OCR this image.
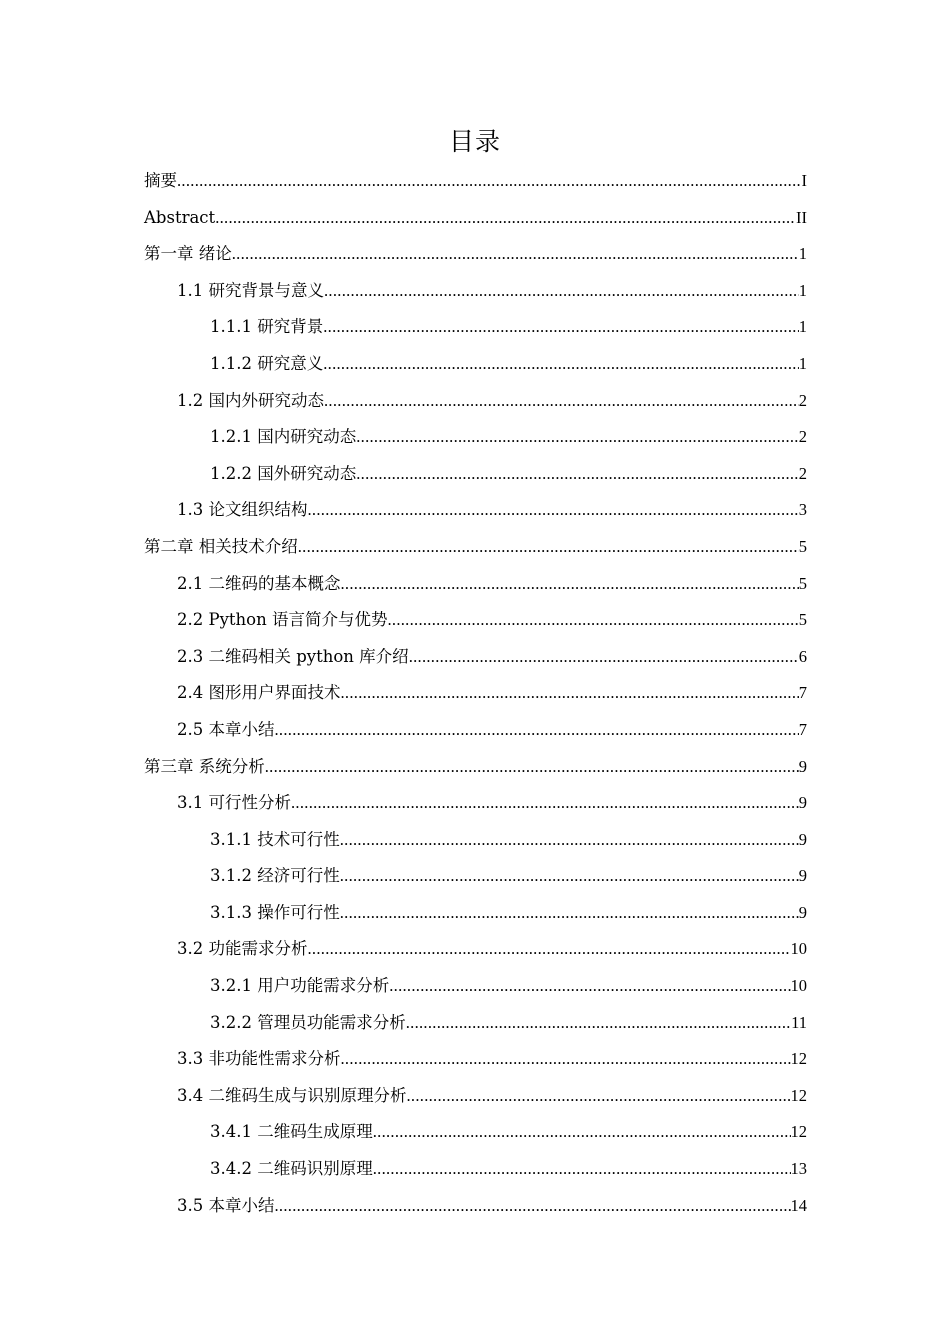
目录
摘要 .....	I
Abstract .....	II
第一章 绪论 .....	1
1.1 研究背景与意义 .....	1
1.1.1 研究背景 .....	1
1.1.2 研究意义 .....	1
1.2 国内外研究动态 .....	2
1.2.1 国内研究动态 .....	2
1.2.2 国外研究动态 .....	2
1.3 论文组织结构 .....	3
第二章 相关技术介绍 .....	5
2.1 二维码的基本概念 .....	5
2.2 Python 语言简介与优势 .....	5
2.3 二维码相关 python 库介绍 .....	6
2.4 图形用户界面技术 .....	7
2.5 本章小结 .....	7
第三章 系统分析 .....	9
3.1 可行性分析 .....	9
3.1.1 技术可行性 .....	9
3.1.2 经济可行性 .....	9
3.1.3 操作可行性 .....	9
3.2 功能需求分析 .....	10
3.2.1 用户功能需求分析 .....	10
3.2.2 管理员功能需求分析 .....	11
3.3 非功能性需求分析 .....	12
3.4 二维码生成与识别原理分析 .....	12
3.4.1 二维码生成原理 .....	12
3.4.2 二维码识别原理 .....	13
3.5 本章小结 .....	14
